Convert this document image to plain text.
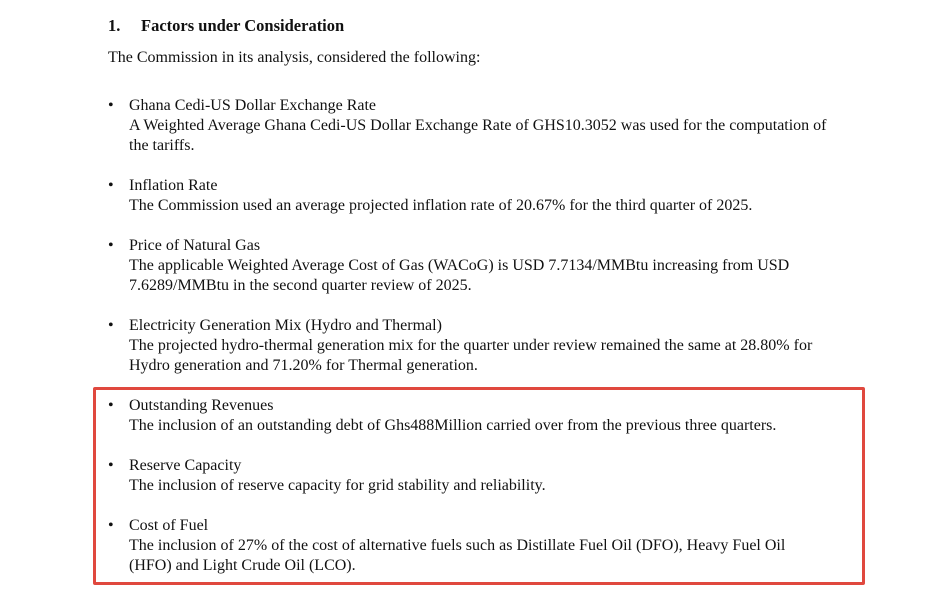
1. Factors under Consideration
The Commission in its analysis, considered the following:
• Ghana Cedi-US Dollar Exchange Rate
A Weighted Average Ghana Cedi-US Dollar Exchange Rate of GHS10.3052 was used for the computation of the tariffs.
• Inflation Rate
The Commission used an average projected inflation rate of 20.67% for the third quarter of 2025.
• Price of Natural Gas
The applicable Weighted Average Cost of Gas (WACoG) is USD 7.7134/MMBtu increasing from USD 7.6289/MMBtu in the second quarter review of 2025.
• Electricity Generation Mix (Hydro and Thermal)
The projected hydro-thermal generation mix for the quarter under review remained the same at 28.80% for Hydro generation and 71.20% for Thermal generation.
• Outstanding Revenues
The inclusion of an outstanding debt of Ghs488Million carried over from the previous three quarters.
• Reserve Capacity
The inclusion of reserve capacity for grid stability and reliability.
• Cost of Fuel
The inclusion of 27% of the cost of alternative fuels such as Distillate Fuel Oil (DFO), Heavy Fuel Oil (HFO) and Light Crude Oil (LCO).
